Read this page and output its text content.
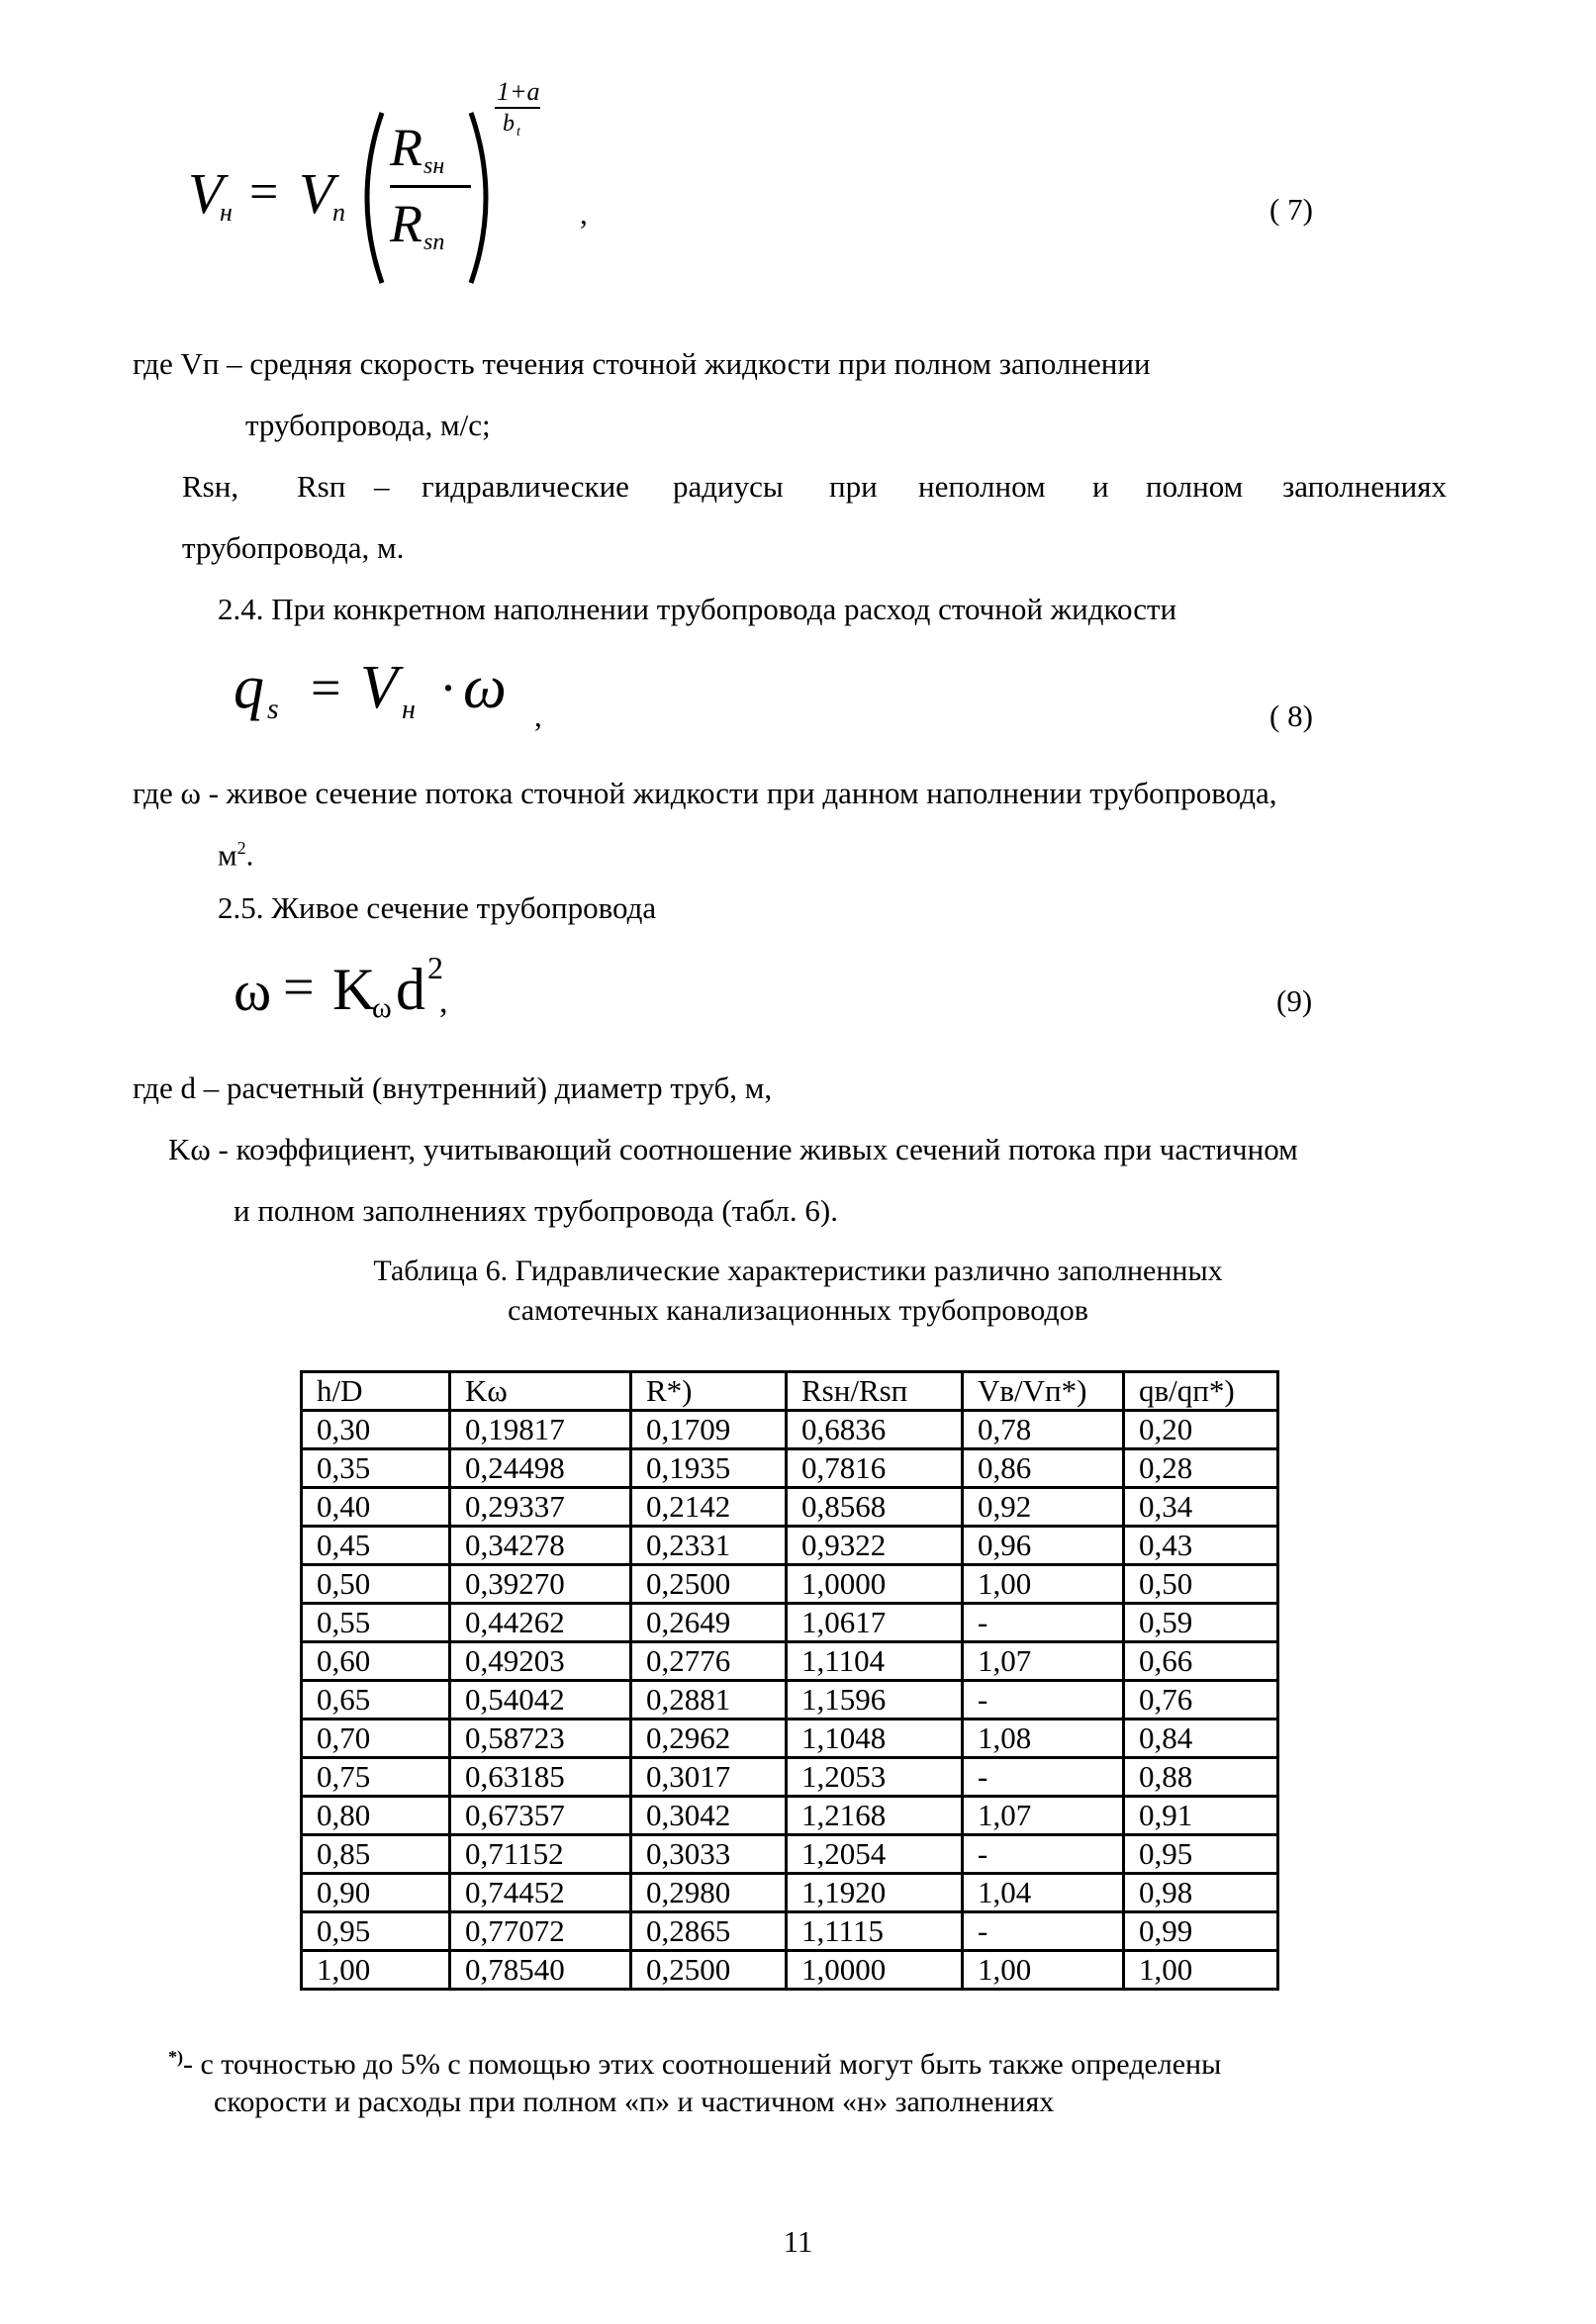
V
н = V
п
R sн
R sп
1+a
b t
,	( 7)
где Vп – средняя скорость течения сточной жидкости при полном заполнении
трубопровода, м/с;
Rsн, Rsп – гидравлические радиусы при неполном и полном заполнениях
трубопровода, м.
2.4. При конкретном наполнении трубопровода расход сточной жидкости
q s = V н · ω ,	( 8)
где ω - живое сечение потока сточной жидкости при данном наполнении трубопровода,
$м^2$.
2.5. Живое сечение трубопровода
ω = K
ω d 2
,	(9)
где d – расчетный (внутренний) диаметр труб, м,
Kω - коэффициент, учитывающий соотношение живых сечений потока при частичном
и полном заполнениях трубопровода (табл. 6).
Таблица 6. Гидравлические характеристики различно заполненных
самотечных канализационных трубопроводов
h/D	Kω	R*)	Rsн/Rsп	Vв/Vп*)	qв/qп*)
0,30	0,19817	0,1709	0,6836	0,78	0,20
0,35	0,24498	0,1935	0,7816	0,86	0,28
0,40	0,29337	0,2142	0,8568	0,92	0,34
0,45	0,34278	0,2331	0,9322	0,96	0,43
0,50	0,39270	0,2500	1,0000	1,00	0,50
0,55	0,44262	0,2649	1,0617	-	0,59
0,60	0,49203	0,2776	1,1104	1,07	0,66
0,65	0,54042	0,2881	1,1596	-	0,76
0,70	0,58723	0,2962	1,1048	1,08	0,84
0,75	0,63185	0,3017	1,2053	-	0,88
0,80	0,67357	0,3042	1,2168	1,07	0,91
0,85	0,71152	0,3033	1,2054	-	0,95
0,90	0,74452	0,2980	1,1920	1,04	0,98
0,95	0,77072	0,2865	1,1115	-	0,99
1,00	0,78540	0,2500	1,0000	1,00	1,00
*)- с точностью до 5% с помощью этих соотношений могут быть также определены
скорости и расходы при полном «п» и частичном «н» заполнениях
11
